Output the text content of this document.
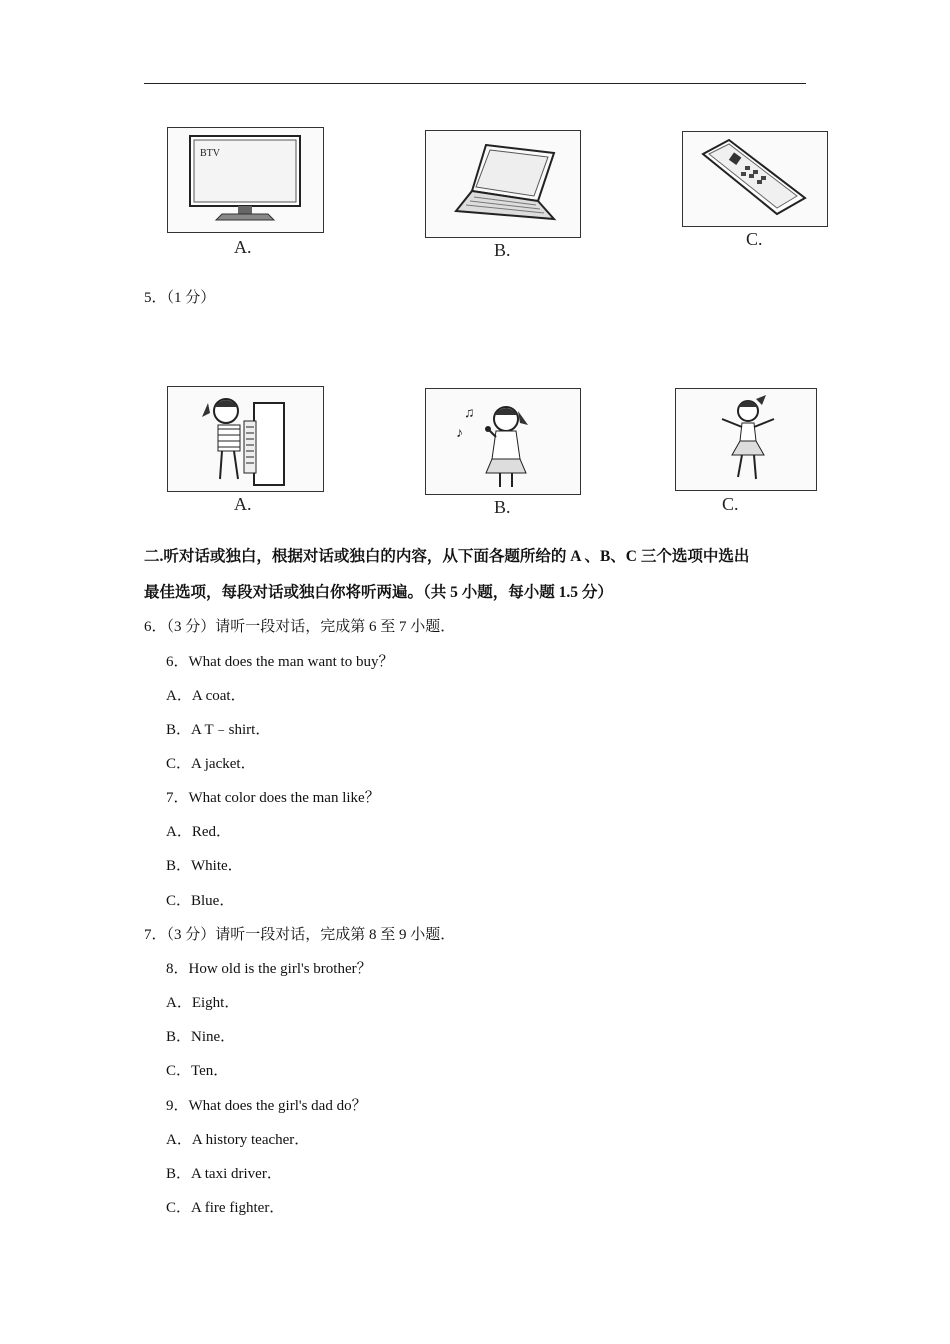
BTV
A.	B.
C.
5．（1 分）
A.
♫
♪
B.	C.
二.听对话或独白，根据对话或独白的内容，从下面各题所给的 A 、B、C 三个选项中选出
最佳选项，每段对话或独白你将听两遍。（共 5 小题，每小题 1.5 分）
6．（3 分）请听一段对话，完成第 6 至 7 小题．
6．What does the man want to buy？
A．A coat．
B．A T﹣shirt．
C．A jacket．
7．What color does the man like？
A．Red．
B．White．
C．Blue．
7．（3 分）请听一段对话，完成第 8 至 9 小题．
8．How old is the girl's brother？
A．Eight．
B．Nine．
C．Ten．
9．What does the girl's dad do？
A．A history teacher．
B．A taxi driver．
C．A fire fighter．
